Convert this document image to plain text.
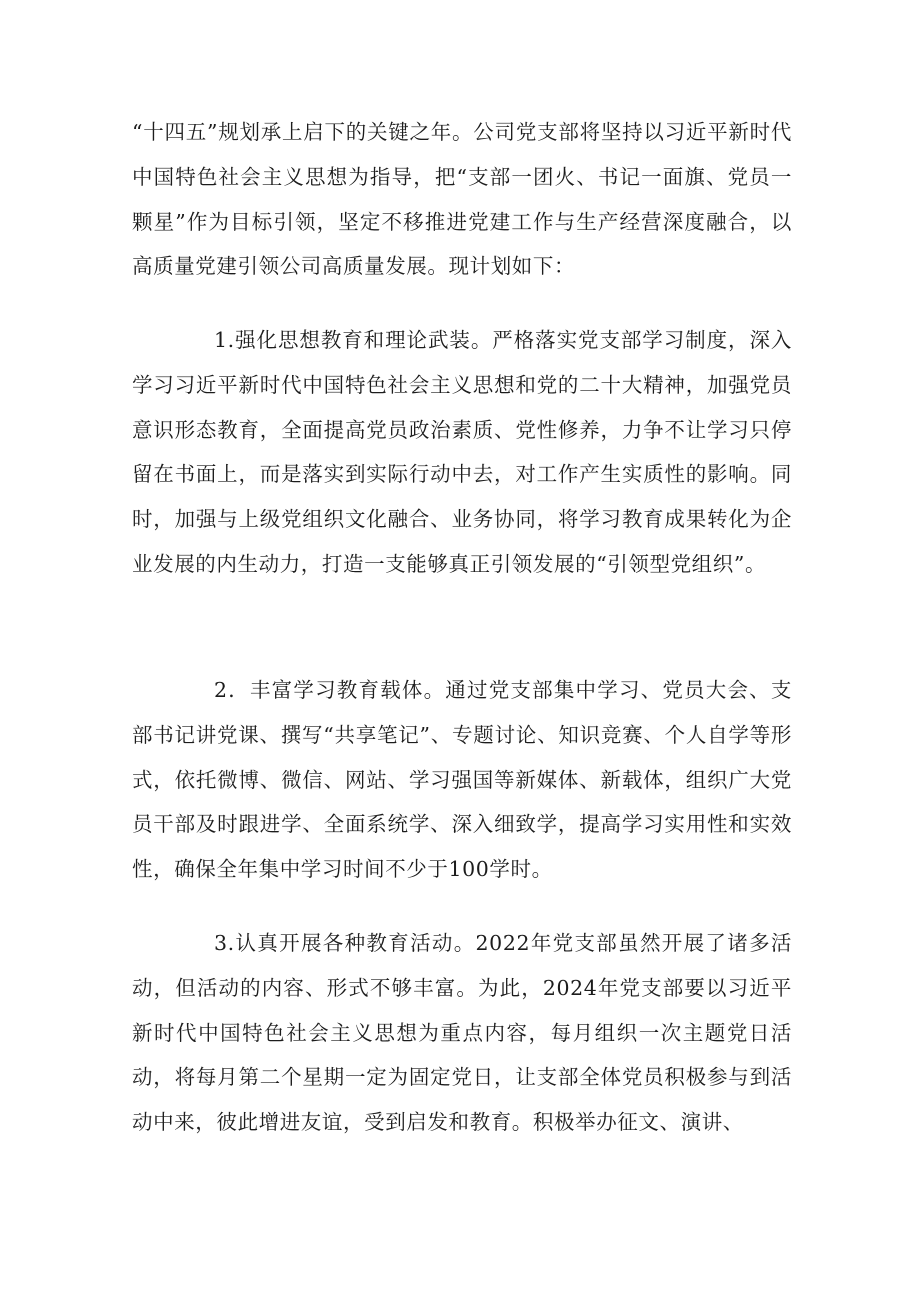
“十四五”规划承上启下的关键之年。公司党支部将坚持以习近平新时代中国特色社会主义思想为指导，把“支部一团火、书记一面旗、党员一颗星”作为目标引领，坚定不移推进党建工作与生产经营深度融合，以高质量党建引领公司高质量发展。现计划如下：

1.强化思想教育和理论武装。严格落实党支部学习制度，深入学习习近平新时代中国特色社会主义思想和党的二十大精神，加强党员意识形态教育，全面提高党员政治素质、党性修养，力争不让学习只停留在书面上，而是落实到实际行动中去，对工作产生实质性的影响。同时，加强与上级党组织文化融合、业务协同，将学习教育成果转化为企业发展的内生动力，打造一支能够真正引领发展的“引领型党组织”。

2．丰富学习教育载体。通过党支部集中学习、党员大会、支部书记讲党课、撰写“共享笔记”、专题讨论、知识竞赛、个人自学等形式，依托微博、微信、网站、学习强国等新媒体、新载体，组织广大党员干部及时跟进学、全面系统学、深入细致学，提高学习实用性和实效性，确保全年集中学习时间不少于100学时。

3.认真开展各种教育活动。2022年党支部虽然开展了诸多活动，但活动的内容、形式不够丰富。为此，2024年党支部要以习近平新时代中国特色社会主义思想为重点内容，每月组织一次主题党日活动，将每月第二个星期一定为固定党日，让支部全体党员积极参与到活动中来，彼此增进友谊，受到启发和教育。积极举办征文、演讲、
